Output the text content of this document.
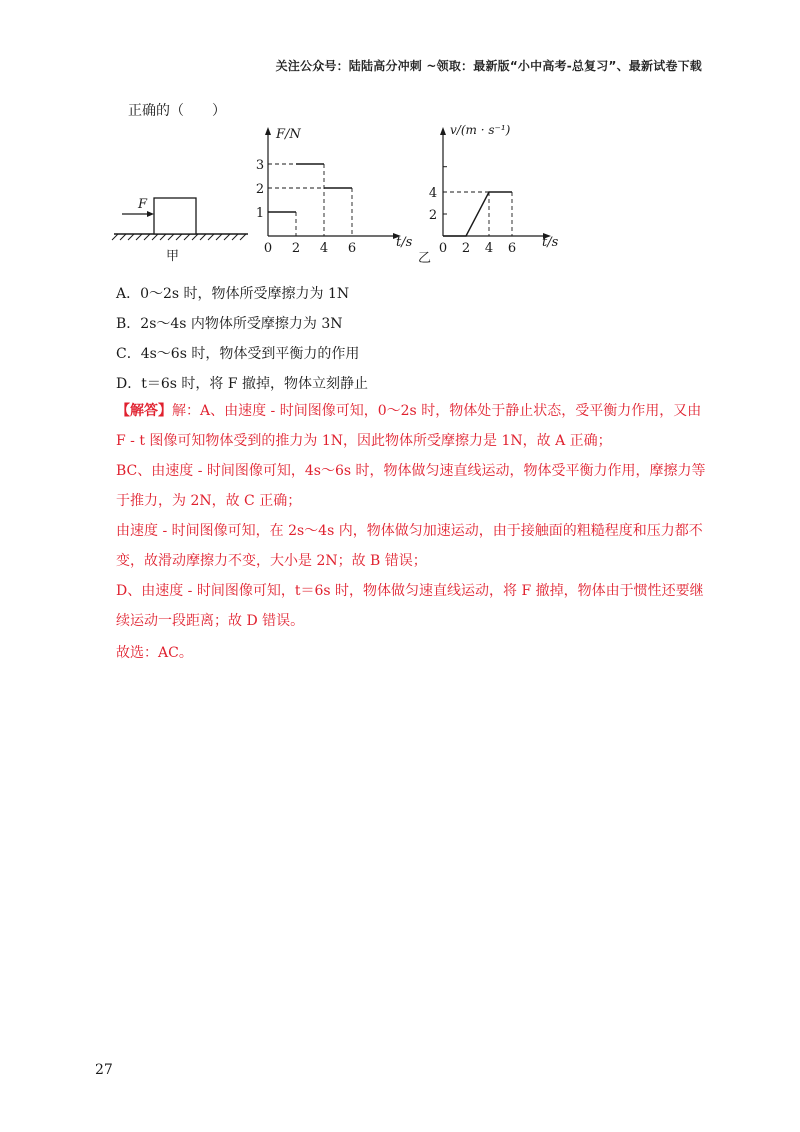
关注公众号：陆陆高分冲刺 ~领取：最新版“小中高考-总复习”、最新试卷下载
正确的（　　）
F
甲
F/N
t/s
0 2 4 6
1
2
3
v/(m · s⁻¹)
t/s
乙
0 2 4 6
2
4
A．0～2s 时，物体所受摩擦力为 1N
B．2s～4s 内物体所受摩擦力为 3N
C．4s～6s 时，物体受到平衡力的作用
D．t＝6s 时，将 F 撤掉，物体立刻静止
【解答】解：A、由速度 - 时间图像可知，0～2s 时，物体处于静止状态，受平衡力作用，又由
F - t 图像可知物体受到的推力为 1N，因此物体所受摩擦力是 1N，故 A 正确；
BC、由速度 - 时间图像可知，4s～6s 时，物体做匀速直线运动，物体受平衡力作用，摩擦力等
于推力，为 2N，故 C 正确；
由速度 - 时间图像可知，在 2s～4s 内，物体做匀加速运动，由于接触面的粗糙程度和压力都不
变，故滑动摩擦力不变，大小是 2N；故 B 错误；
D、由速度 - 时间图像可知，t＝6s 时，物体做匀速直线运动，将 F 撤掉，物体由于惯性还要继
续运动一段距离；故 D 错误。
故选：AC。
27
